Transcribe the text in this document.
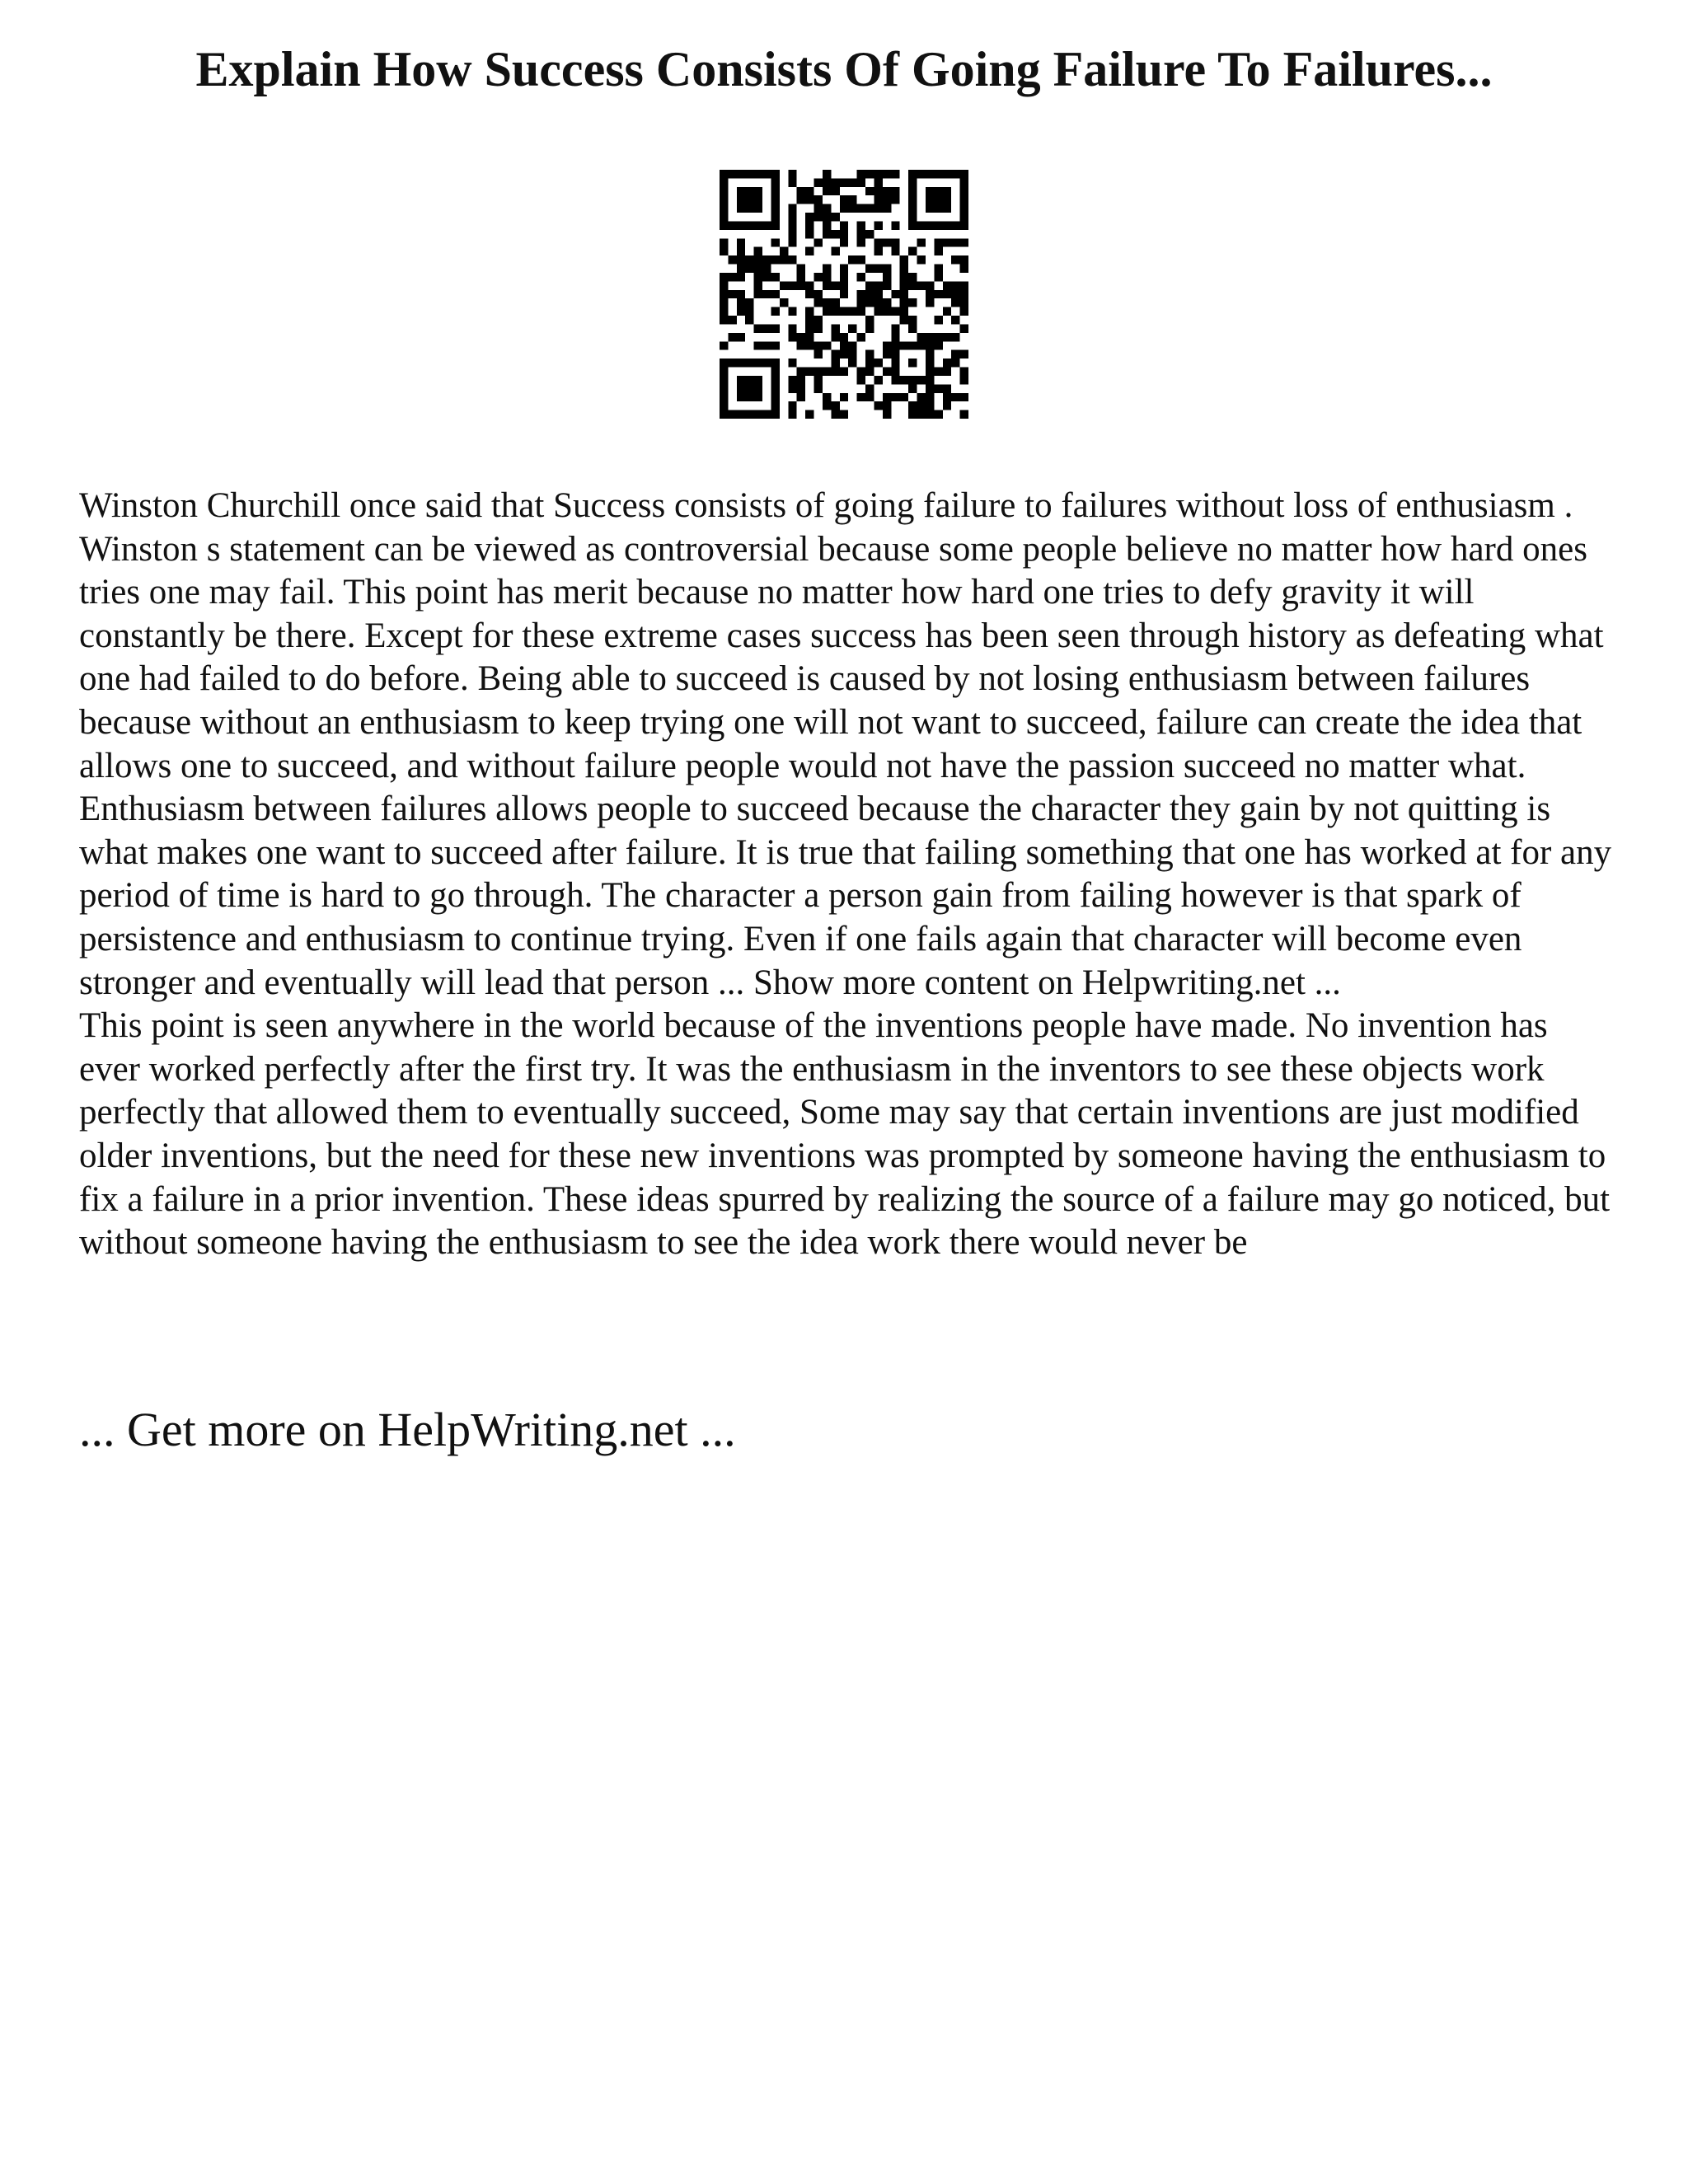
Explain How Success Consists Of Going Failure To Failures...

Winston Churchill once said that Success consists of going failure to failures without loss of enthusiasm . Winston s statement can be viewed as controversial because some people believe no matter how hard ones tries one may fail. This point has merit because no matter how hard one tries to defy gravity it will constantly be there. Except for these extreme cases success has been seen through history as defeating what one had failed to do before. Being able to succeed is caused by not losing enthusiasm between failures because without an enthusiasm to keep trying one will not want to succeed, failure can create the idea that allows one to succeed, and without failure people would not have the passion succeed no matter what. Enthusiasm between failures allows people to succeed because the character they gain by not quitting is what makes one want to succeed after failure. It is true that failing something that one has worked at for any period of time is hard to go through. The character a person gain from failing however is that spark of persistence and enthusiasm to continue trying. Even if one fails again that character will become even stronger and eventually will lead that person ... Show more content on Helpwriting.net ...

This point is seen anywhere in the world because of the inventions people have made. No invention has ever worked perfectly after the first try. It was the enthusiasm in the inventors to see these objects work perfectly that allowed them to eventually succeed, Some may say that certain inventions are just modified older inventions, but the need for these new inventions was prompted by someone having the enthusiasm to fix a failure in a prior invention. These ideas spurred by realizing the source of a failure may go noticed, but without someone having the enthusiasm to see the idea work there would never be

... Get more on HelpWriting.net ...
